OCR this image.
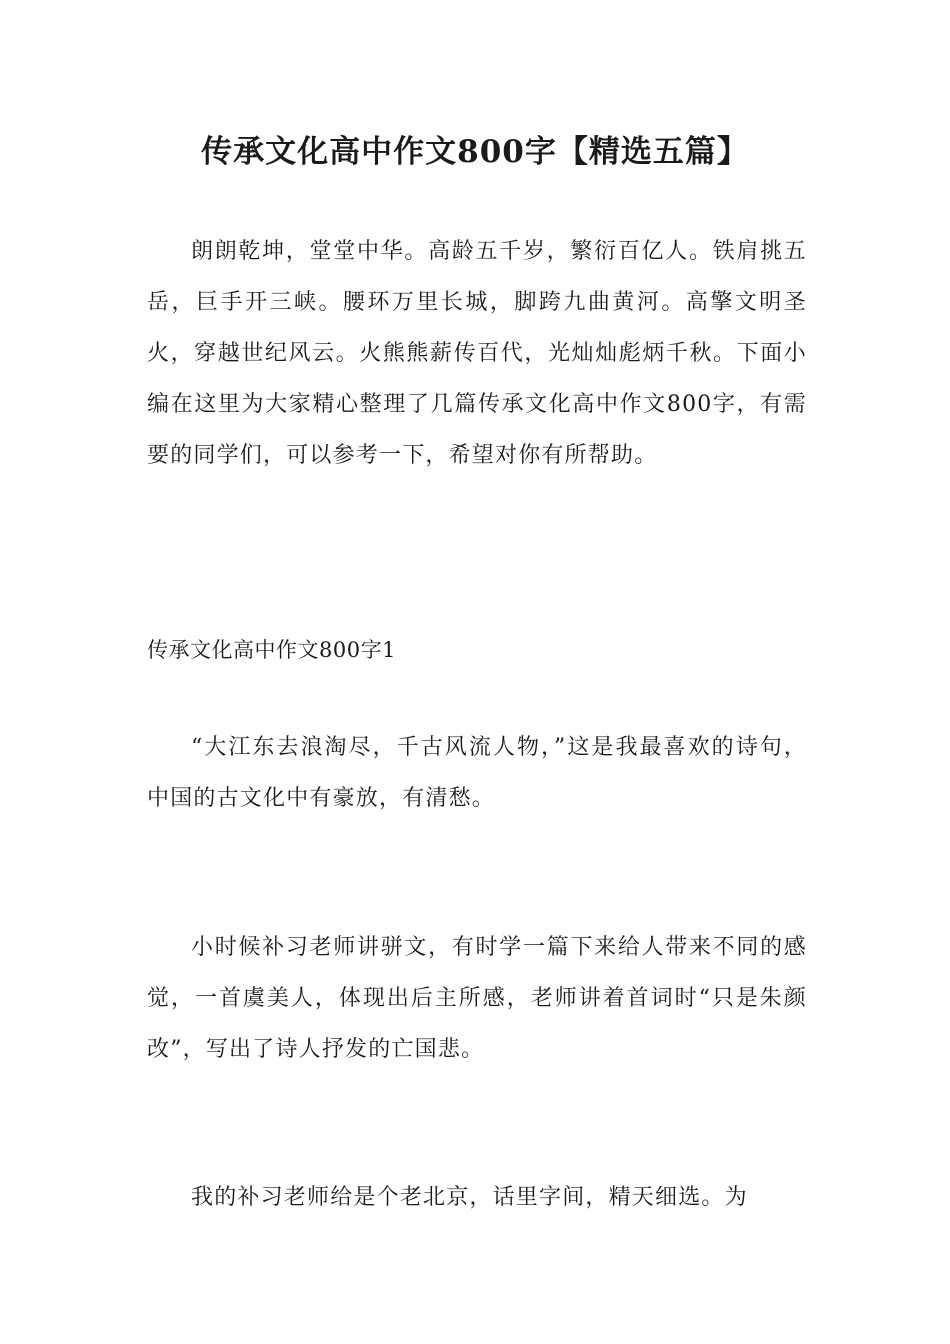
传承文化高中作文800字【精选五篇】

朗朗乾坤，堂堂中华。高龄五千岁，繁衍百亿人。铁肩挑五岳，巨手开三峡。腰环万里长城，脚跨九曲黄河。高擎文明圣火，穿越世纪风云。火熊熊薪传百代，光灿灿彪炳千秋。下面小编在这里为大家精心整理了几篇传承文化高中作文800字，有需要的同学们，可以参考一下，希望对你有所帮助。

传承文化高中作文800字1

“大江东去浪淘尽，千古风流人物，”这是我最喜欢的诗句，中国的古文化中有豪放，有清愁。

小时候补习老师讲骈文，有时学一篇下来给人带来不同的感觉，一首虞美人，体现出后主所感，老师讲着首词时“只是朱颜改”，写出了诗人抒发的亡国悲。

我的补习老师给是个老北京，话里字间，精天细选。为
